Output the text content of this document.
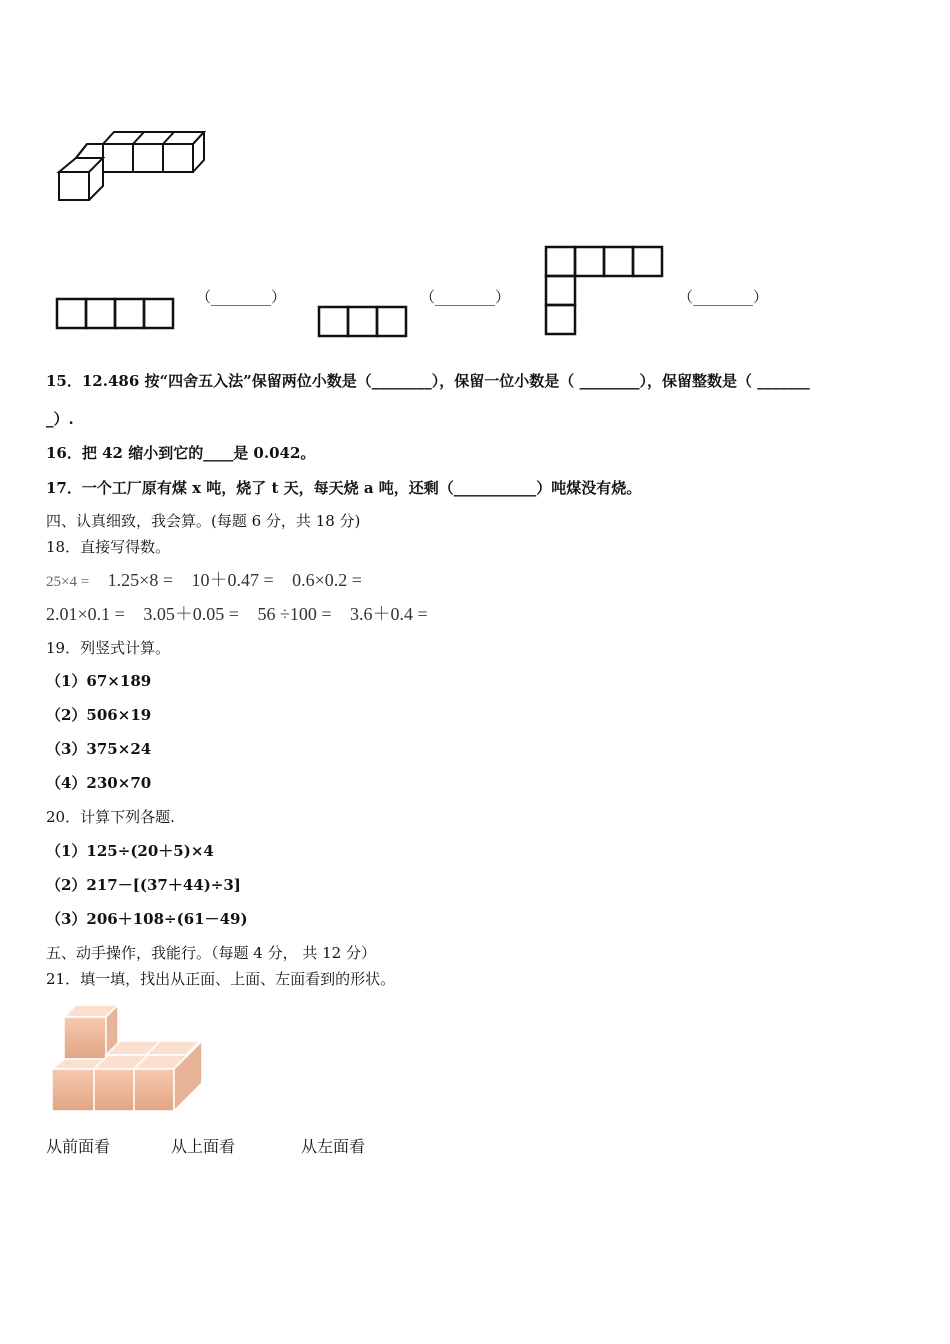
（________）	（________）	（________）
15．12.486 按“四舍五入法”保留两位小数是（________），保留一位小数是（ ________），保留整数是（ _______
_）.
16．把 42 缩小到它的____是 0.042。
17．一个工厂原有煤 x 吨，烧了 t 天，每天烧 a 吨，还剩（___________）吨煤没有烧。
四、认真细致，我会算。(每题 6 分，共 18 分)
18．直接写得数。
25×4 = 1.25×8 = 10＋0.47 = 0.6×0.2 =
2.01×0.1 = 3.05＋0.05 = 56 ÷100 = 3.6＋0.4 =
19．列竖式计算。
（1）67×189
（2）506×19
（3）375×24
（4）230×70
20．计算下列各题.
（1）125÷(20＋5)×4
（2）217－[(37＋44)÷3]
（3）206＋108÷(61－49)
五、动手操作，我能行。（每题 4 分， 共 12 分）
21．填一填，找出从正面、上面、左面看到的形状。
从前面看	从上面看	从左面看
